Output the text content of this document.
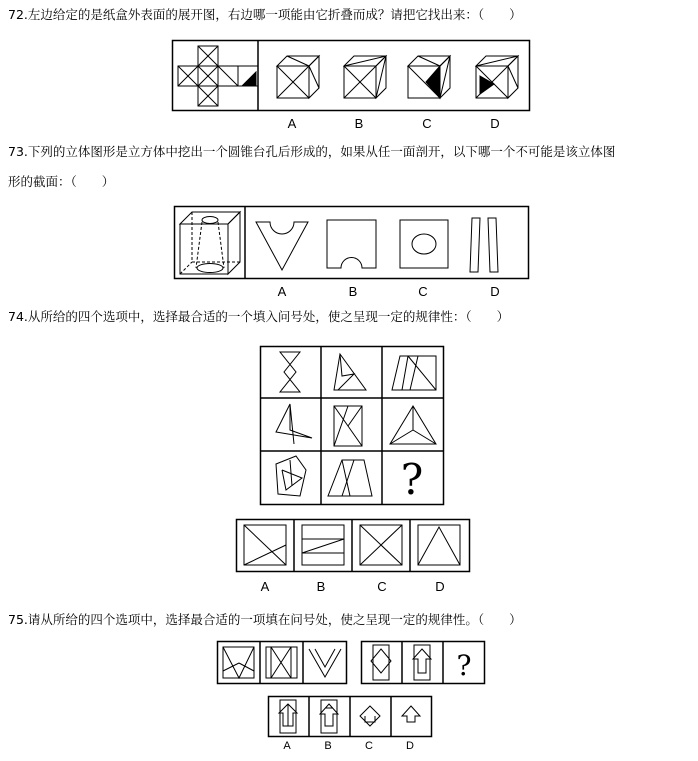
72.左边给定的是纸盒外表面的展开图，右边哪一项能由它折叠而成？请把它找出来：（　　）
A	B	C	D
73.下列的立体图形是立方体中挖出一个圆锥台孔后形成的，如果从任一面剖开，以下哪一个不可能是该立体图
形的截面：（　　）
A	B	C	D
74.从所给的四个选项中，选择最合适的一个填入问号处，使之呈现一定的规律性：（　　）
?
A	B	C	D
75.请从所给的四个选项中，选择最合适的一项填在问号处，使之呈现一定的规律性。（　　）
?
A	B	C	D
